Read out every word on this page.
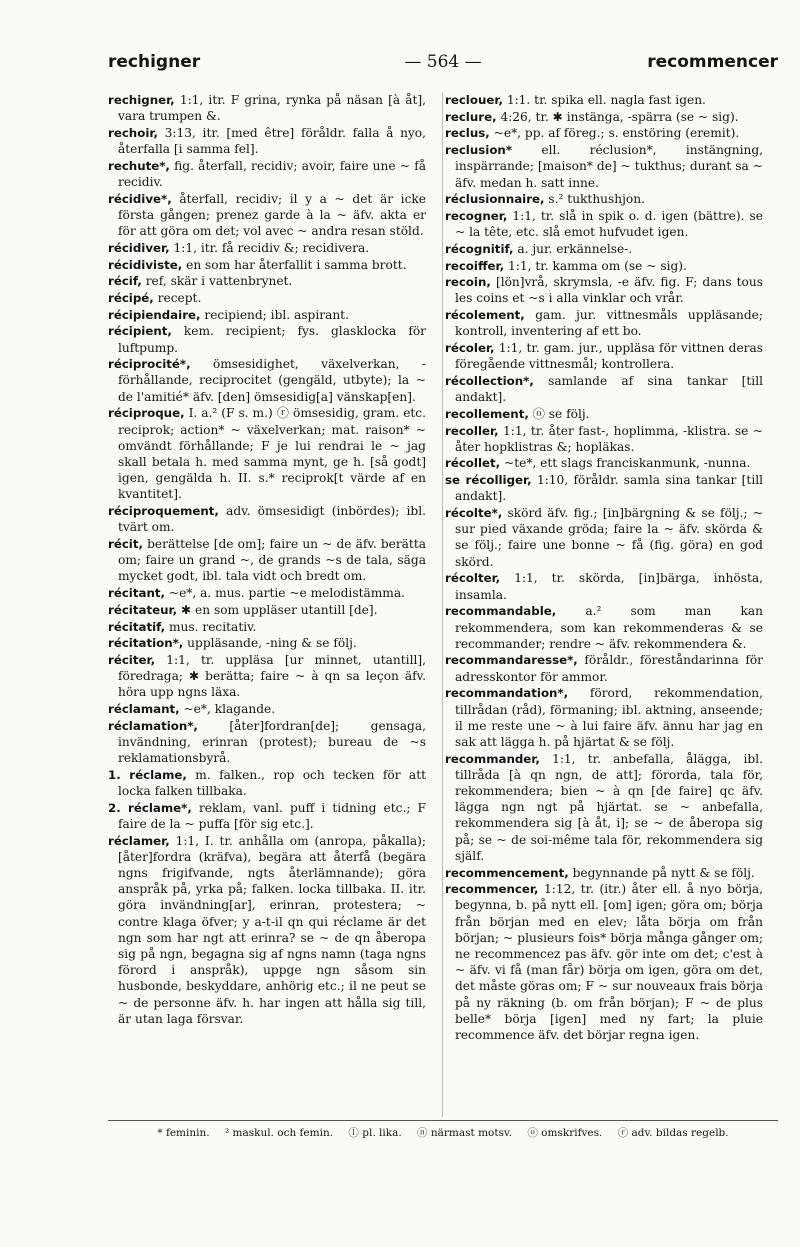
rechigner	— 564 —	recommencer

rechigner, 1:1, itr. F grina, rynka på näsan [à åt], vara trumpen &.

rechoir, 3:13, itr. [med être] föråldr. falla å nyo, återfalla [i samma fel].

rechute*, fig. återfall, recidiv; avoir, faire une ~ få recidiv.

récidive*, återfall, recidiv; il y a ~ det är icke första gången; prenez garde à la ~ äfv. akta er för att göra om det; vol avec ~ andra resan stöld.

récidiver, 1:1, itr. få recidiv &; recidivera.

récidiviste, en som har återfallit i samma brott.

récif, ref, skär i vattenbrynet.

récipé, recept.

récipiendaire, recipiend; ibl. aspirant.

récipient, kem. recipient; fys. glasklocka för luftpump.

réciprocité*, ömsesidighet, växelverkan, -förhållande, reciprocitet (gengäld, utbyte); la ~ de l'amitié* äfv. [den] ömsesidig[a] vänskap[en].

réciproque, I. a.² (F s. m.) ⓡ ömsesidig, gram. etc. reciprok; action* ~ växelverkan; mat. raison* ~ omvändt förhållande; F je lui rendrai le ~ jag skall betala h. med samma mynt, ge h. [så godt] igen, gengälda h. II. s.* reciprok[t värde af en kvantitet].

réciproquement, adv. ömsesidigt (inbördes); ibl. tvärt om.

récit, berättelse [de om]; faire un ~ de äfv. berätta om; faire un grand ~, de grands ~s de tala, säga mycket godt, ibl. tala vidt och bredt om.

récitant, ~e*, a. mus. partie ~e melodistämma.

récitateur, ✱ en som uppläser utantill [de].

récitatif, mus. recitativ.

récitation*, uppläsande, -ning & se följ.

réciter, 1:1, tr. uppläsa [ur minnet, utantill], föredraga; ✱ berätta; faire ~ à qn sa leçon äfv. höra upp ngns läxa.

réclamant, ~e*, klagande.

réclamation*,	[åter]fordran[de]; gensaga, invändning, erinran (protest); bureau de ~s reklamationsbyrå.

1. réclame, m. falken., rop och tecken för att locka falken tillbaka.

2. réclame*, reklam, vanl. puff i tidning etc.; F faire de la ~ puffa [för sig etc.].

réclamer, 1:1, I. tr. anhålla om (anropa, påkalla); [åter]fordra (kräfva), begära att återfå (begära ngns frigifvande, ngts återlämnande); göra anspråk på, yrka på; falken. locka tillbaka. II. itr. göra invändning[ar], erinran, protestera; ~ contre klaga öfver; y a-t-il qn qui réclame är det ngn som har ngt att erinra? se ~ de qn åberopa sig på ngn, begagna sig af ngns namn (taga ngns förord i anspråk), uppge ngn såsom sin husbonde, beskyddare, anhörig etc.; il ne peut se ~ de personne äfv. h. har ingen att hålla sig till, är utan laga försvar.

reclouer, 1:1. tr. spika ell. nagla fast igen.

reclure, 4:26, tr. ✱ instänga, -spärra (se ~ sig).

reclus, ~e*, pp. af föreg.; s. enstöring (eremit).

reclusion* ell. réclusion*, instängning, inspärrande; [maison* de] ~ tukthus; durant sa ~ äfv. medan h. satt inne.

réclusionnaire, s.² tukthushjon.

recogner, 1:1, tr. slå in spik o. d. igen (bättre). se ~ la tête, etc. slå emot hufvudet igen.

récognitif, a. jur. erkännelse-.

recoiffer, 1:1, tr. kamma om (se ~ sig).

recoin, [lön]vrå, skrymsla, -e äfv. fig. F; dans tous les coins et ~s i alla vinklar och vrår.

récolement, gam. jur. vittnesmåls uppläsande; kontroll, inventering af ett bo.

récoler, 1:1, tr. gam. jur., uppläsa för vittnen deras föregående vittnesmål; kontrollera.

récollection*, samlande af sina tankar [till andakt].

recollement, ⓞ se följ.

recoller, 1:1, tr. åter fast-, hoplimma, -klistra. se ~ åter hopklistras &; hopläkas.

récollet, ~te*, ett slags franciskanmunk, -nunna.

se récolliger, 1:10, föråldr. samla sina tankar [till andakt].

récolte*, skörd äfv. fig.; [in]bärgning & se följ.; ~ sur pied växande gröda; faire la ~ äfv. skörda & se följ.; faire une bonne ~ få (fig. göra) en god skörd.

récolter, 1:1, tr. skörda, [in]bärga, inhösta, insamla.

recommandable, a.² som man kan rekommendera, som kan rekommenderas & se recommander; rendre ~ äfv. rekommendera &.

recommandaresse*, föråldr., föreståndarinna för adresskontor för ammor.

recommandation*, förord, rekommendation, tillrådan (råd), förmaning; ibl. aktning, anseende; il me reste une ~ à lui faire äfv. ännu har jag en sak att lägga h. på hjärtat & se följ.

recommander, 1:1, tr. anbefalla, ålägga, ibl. tillråda [à qn ngn, de att]; förorda, tala för, rekommendera; bien ~ à qn [de faire] qc äfv. lägga ngn ngt på hjärtat. se ~ anbefalla, rekommendera sig [à åt, i]; se ~ de åberopa sig på; se ~ de soi-même tala för, rekommendera sig själf.

recommencement, begynnande på nytt & se följ.

recommencer, 1:12, tr. (itr.) åter ell. å nyo börja, begynna, b. på nytt ell. [om] igen; göra om; börja från början med en elev; låta börja om från början; ~ plusieurs fois* börja många gånger om; ne recommencez pas äfv. gör inte om det; c'est à ~ äfv. vi få (man får) börja om igen, göra om det, det måste göras om; F ~ sur nouveaux frais börja på ny räkning (b. om från början); F ~ de plus belle* börja [igen] med ny fart; la pluie recommence äfv. det börjar regna igen.

* feminin. ² maskul. och femin. ⓛ pl. lika. ⓝ närmast motsv. ⓞ omskrifves. ⓡ adv. bildas regelb.
